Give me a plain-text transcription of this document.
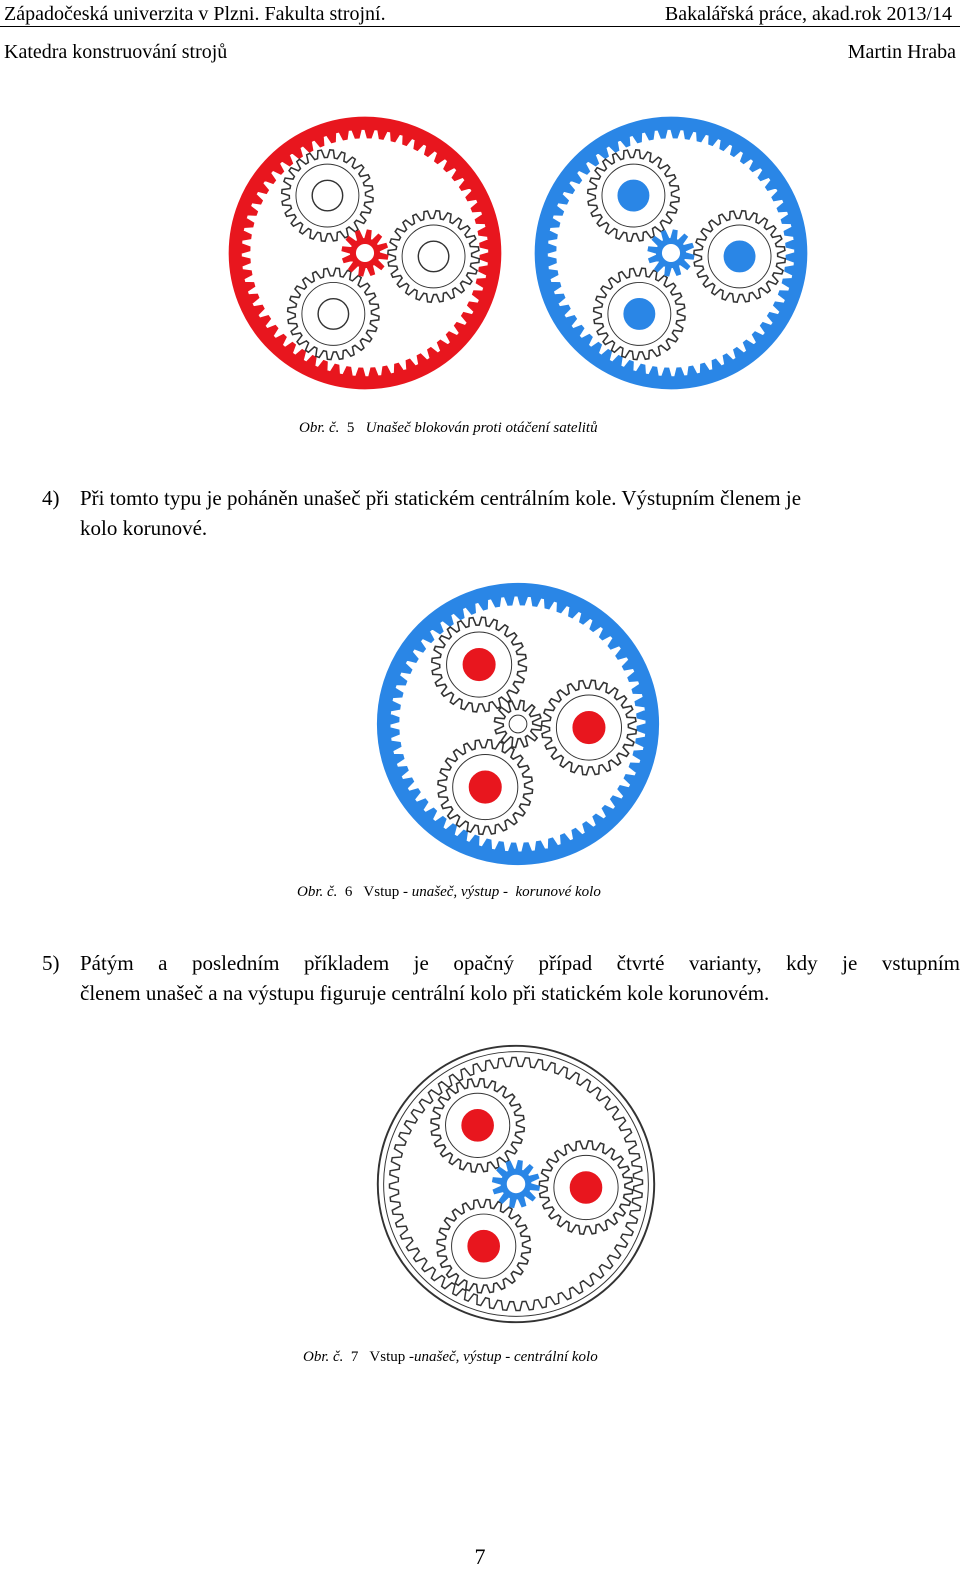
Západočeská univerzita v Plzni. Fakulta strojní.	Bakalářská práce, akad.rok 2013/14
Katedra konstruování strojů	Martin Hraba
Obr. č. 5 Unašeč blokován proti otáčení satelitů
4) Při tomto typu je poháněn unašeč při statickém centrálním kole. Výstupním členem je
kolo korunové.
Obr. č. 6 Vstup - unašeč, výstup -  korunové kolo
5) Pátým a posledním příkladem je opačný případ čtvrté varianty, kdy je vstupním
členem unašeč a na výstupu figuruje centrální kolo při statickém kole korunovém.
Obr. č. 7 Vstup -unašeč, výstup - centrální kolo
7
